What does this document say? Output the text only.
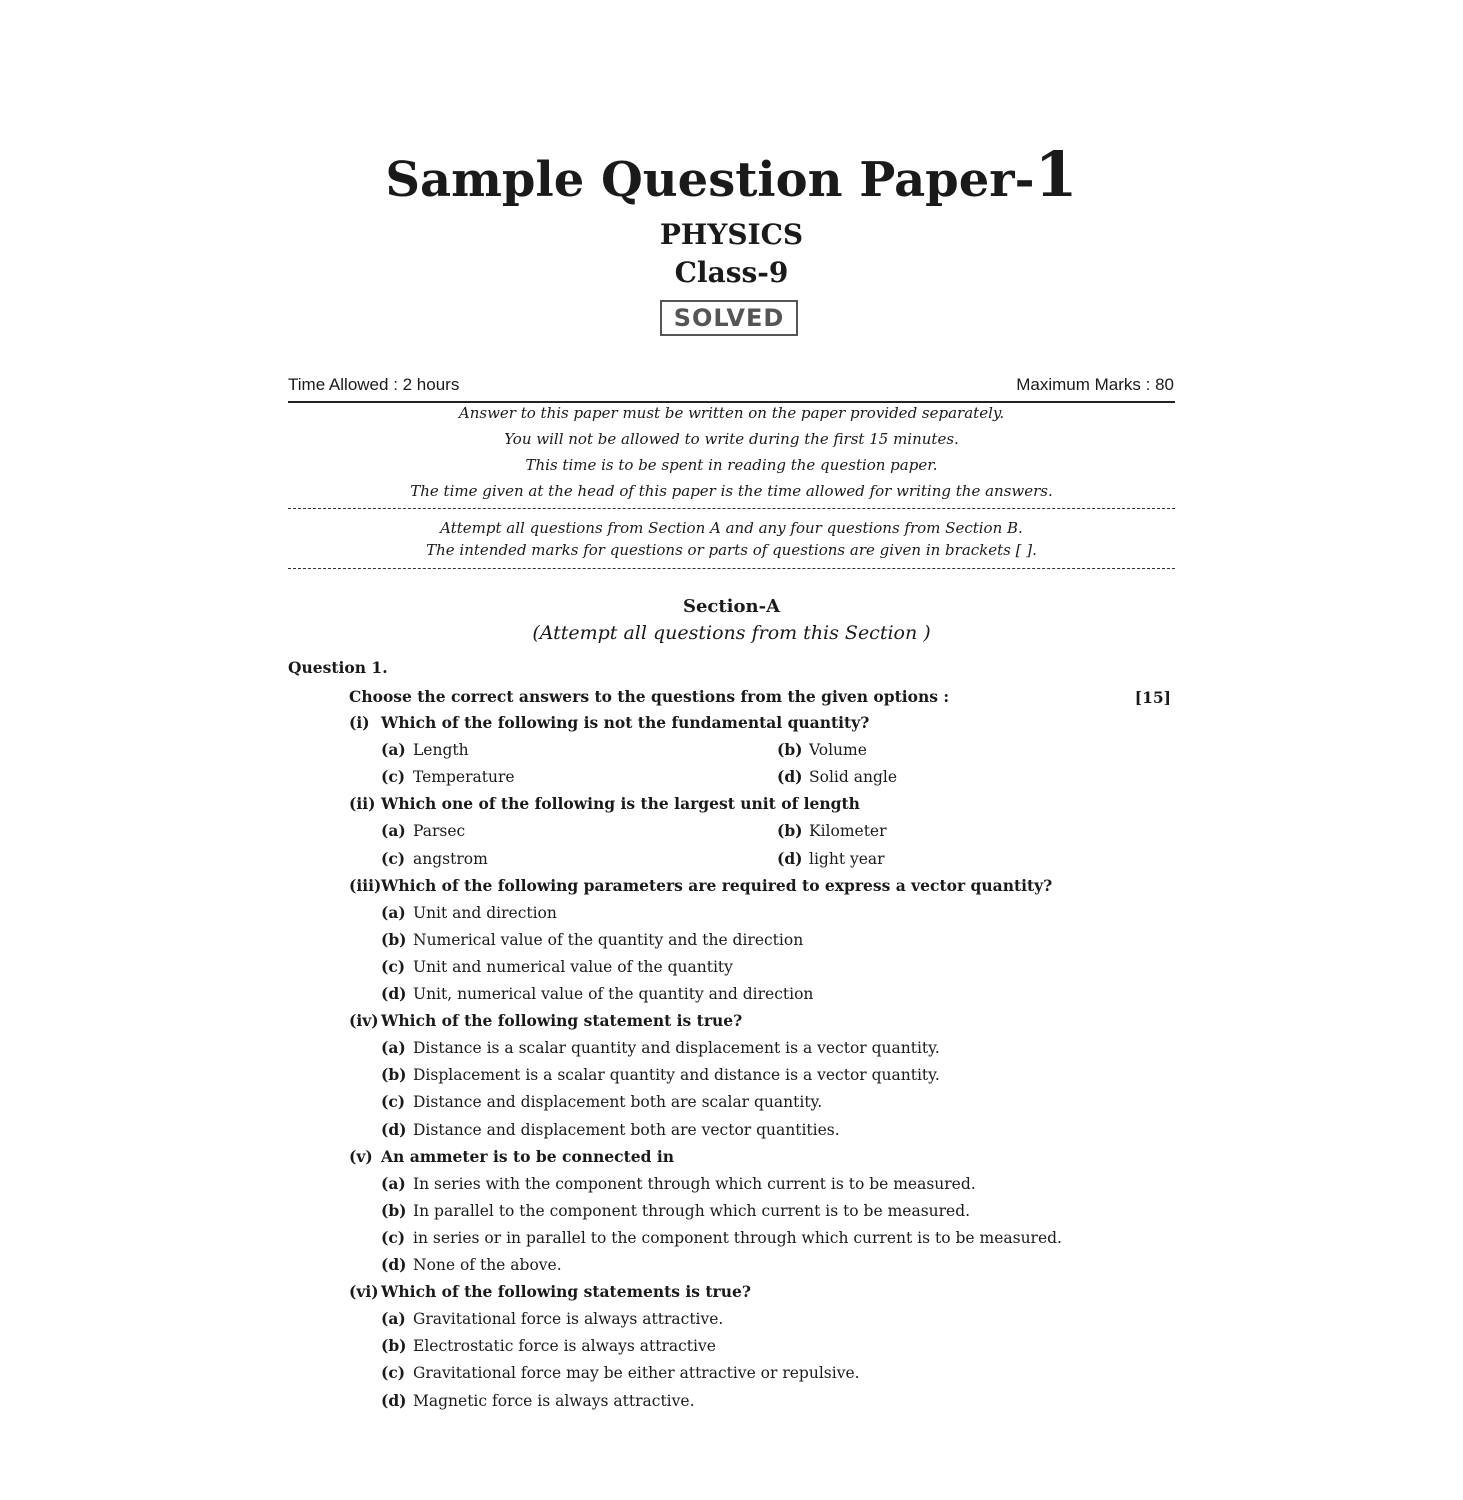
Sample Question Paper-1
PHYSICS
Class-9
SOLVED
Time Allowed : 2 hours	Maximum Marks : 80
Answer to this paper must be written on the paper provided separately.
You will not be allowed to write during the first 15 minutes.
This time is to be spent in reading the question paper.
The time given at the head of this paper is the time allowed for writing the answers.
Attempt all questions from Section A and any four questions from Section B.
The intended marks for questions or parts of questions are given in brackets [ ].
Section-A
(Attempt all questions from this Section )
Question 1.
Choose the correct answers to the questions from the given options :	[15]
(i) Which of the following is not the fundamental quantity?
(a) Length	(b) Volume
(c) Temperature	(d) Solid angle
(ii) Which one of the following is the largest unit of length
(a) Parsec	(b) Kilometer
(c) angstrom	(d) light year
(iii)Which of the following parameters are required to express a vector quantity?
(a) Unit and direction
(b) Numerical value of the quantity and the direction
(c) Unit and numerical value of the quantity
(d) Unit, numerical value of the quantity and direction
(iv) Which of the following statement is true?
(a) Distance is a scalar quantity and displacement is a vector quantity.
(b) Displacement is a scalar quantity and distance is a vector quantity.
(c) Distance and displacement both are scalar quantity.
(d) Distance and displacement both are vector quantities.
(v) An ammeter is to be connected in
(a) In series with the component through which current is to be measured.
(b) In parallel to the component through which current is to be measured.
(c) in series or in parallel to the component through which current is to be measured.
(d) None of the above.
(vi) Which of the following statements is true?
(a) Gravitational force is always attractive.
(b) Electrostatic force is always attractive
(c) Gravitational force may be either attractive or repulsive.
(d) Magnetic force is always attractive.
